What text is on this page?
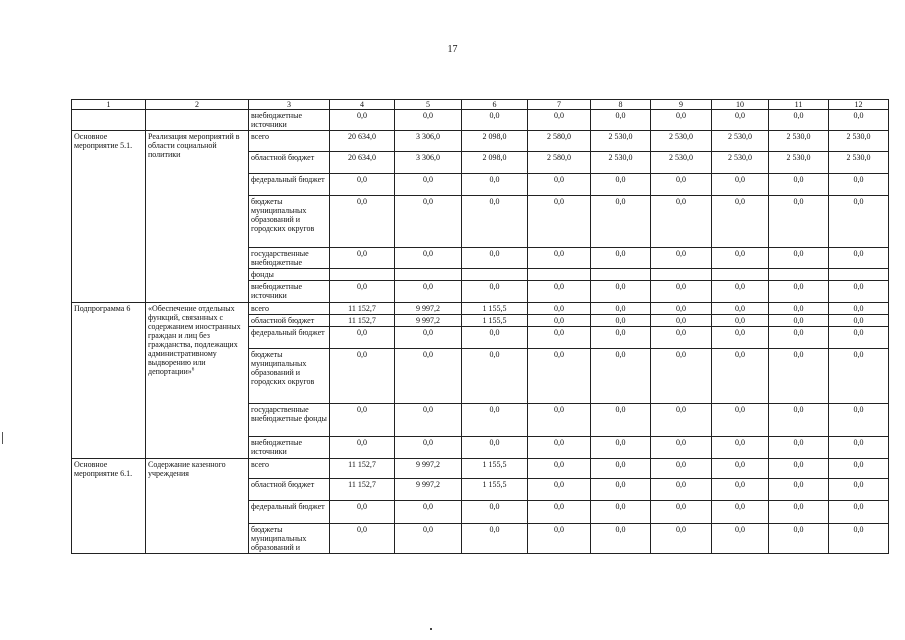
17
1	2	3	4	5	6	7	8	9	10	11	12
		внебюджетные источники	0,0	0,0	0,0	0,0	0,0	0,0	0,0	0,0	0,0
Основное мероприятие 5.1.	Реализация мероприятий в области социальной политики	всего	20 634,0	3 306,0	2 098,0	2 580,0	2 530,0	2 530,0	2 530,0	2 530,0	2 530,0
		областной бюджет	20 634,0	3 306,0	2 098,0	2 580,0	2 530,0	2 530,0	2 530,0	2 530,0	2 530,0
		федеральный бюджет	0,0	0,0	0,0	0,0	0,0	0,0	0,0	0,0	0,0
		бюджеты муниципальных образований и городских округов	0,0	0,0	0,0	0,0	0,0	0,0	0,0	0,0	0,0
		государственные внебюджетные	0,0	0,0	0,0	0,0	0,0	0,0	0,0	0,0	0,0
		фонды									
		внебюджетные источники	0,0	0,0	0,0	0,0	0,0	0,0	0,0	0,0	0,0
Подпрограмма 6	«Обеспечение отдельных функций, связанных с содержанием иностранных граждан и лиц без гражданства, подлежащих административному выдворению или депортации»$^6$	всего	11 152,7	9 997,2	1 155,5	0,0	0,0	0,0	0,0	0,0	0,0
		областной бюджет	11 152,7	9 997,2	1 155,5	0,0	0,0	0,0	0,0	0,0	0,0
		федеральный бюджет	0,0	0,0	0,0	0,0	0,0	0,0	0,0	0,0	0,0
		бюджеты муниципальных образований и городских округов	0,0	0,0	0,0	0,0	0,0	0,0	0,0	0,0	0,0
		государственные внебюджетные фонды	0,0	0,0	0,0	0,0	0,0	0,0	0,0	0,0	0,0
		внебюджетные источники	0,0	0,0	0,0	0,0	0,0	0,0	0,0	0,0	0,0
Основное мероприятие 6.1.	Содержание казенного учреждения	всего	11 152,7	9 997,2	1 155,5	0,0	0,0	0,0	0,0	0,0	0,0
		областной бюджет	11 152,7	9 997,2	1 155,5	0,0	0,0	0,0	0,0	0,0	0,0
		федеральный бюджет	0,0	0,0	0,0	0,0	0,0	0,0	0,0	0,0	0,0
		бюджеты муниципальных образований и	0,0	0,0	0,0	0,0	0,0	0,0	0,0	0,0	0,0
